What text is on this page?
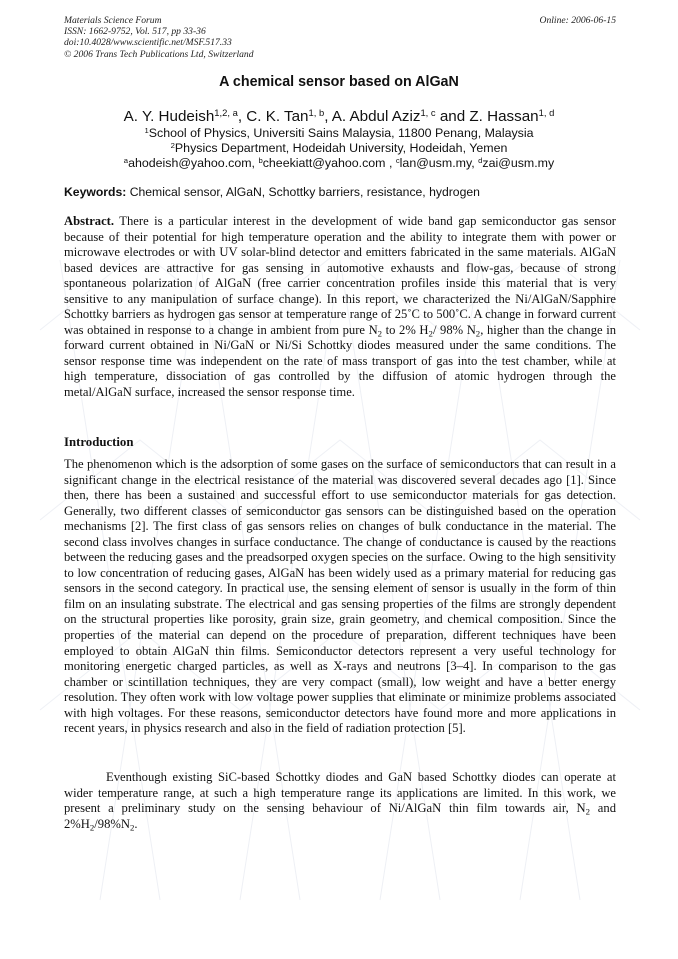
Materials Science Forum
ISSN: 1662-9752, Vol. 517, pp 33-36
doi:10.4028/www.scientific.net/MSF.517.33
© 2006 Trans Tech Publications Ltd, Switzerland
Online: 2006-06-15
A chemical sensor based on AlGaN
A. Y. Hudeish$^{1,2, a}$, C. K. Tan$^{1, b}$, A. Abdul Aziz$^{1, c}$ and Z. Hassan$^{1, d}$
$^1$School of Physics, Universiti Sains Malaysia, 11800 Penang, Malaysia
$^2$Physics Department, Hodeidah University, Hodeidah, Yemen
$^a$ahodeish@yahoo.com, $^b$cheekiatt@yahoo.com , $^c$lan@usm.my, $^d$zai@usm.my
Keywords: Chemical sensor, AlGaN, Schottky barriers, resistance, hydrogen
Abstract. There is a particular interest in the development of wide band gap semiconductor gas sensor because of their potential for high temperature operation and the ability to integrate them with power or microwave electrodes or with UV solar-blind detector and emitters fabricated in the same materials. AlGaN based devices are attractive for gas sensing in automotive exhausts and flow-gas, because of strong spontaneous polarization of AlGaN (free carrier concentration profiles inside this material that is very sensitive to any manipulation of surface change). In this report, we characterized the Ni/AlGaN/Sapphire Schottky barriers as hydrogen gas sensor at temperature range of 25˚C to 500˚C. A change in forward current was obtained in response to a change in ambient from pure $N_2$ to 2% $H_2/$ 98% $N_2$, higher than the change in forward current obtained in Ni/GaN or Ni/Si Schottky diodes measured under the same conditions. The sensor response time was independent on the rate of mass transport of gas into the test chamber, while at high temperature, dissociation of gas controlled by the diffusion of atomic hydrogen through the metal/AlGaN surface, increased the sensor response time.
Introduction
The phenomenon which is the adsorption of some gases on the surface of semiconductors that can result in a significant change in the electrical resistance of the material was discovered several decades ago [1]. Since then, there has been a sustained and successful effort to use semiconductor materials for gas detection. Generally, two different classes of semiconductor gas sensors can be distinguished based on the operation mechanisms [2]. The first class of gas sensors relies on changes of bulk conductance in the material. The second class involves changes in surface conductance. The change of conductance is caused by the reactions between the reducing gases and the preadsorped oxygen species on the surface. Owing to the high sensitivity to low concentration of reducing gases, AlGaN has been widely used as a primary material for reducing gas sensors in the second category. In practical use, the sensing element of sensor is usually in the form of thin film on an insulating substrate. The electrical and gas sensing properties of the films are strongly dependent on the structural properties like porosity, grain size, grain geometry, and chemical composition. Since the properties of the material can depend on the procedure of preparation, different techniques have been employed to obtain AlGaN thin films. Semiconductor detectors represent a very useful technology for monitoring energetic charged particles, as well as X-rays and neutrons [3–4]. In comparison to the gas chamber or scintillation techniques, they are very compact (small), low weight and have a better energy resolution. They often work with low voltage power supplies that eliminate or minimize problems associated with high voltages. For these reasons, semiconductor detectors have found more and more applications in recent years, in physics research and also in the field of radiation protection [5].
Eventhough existing SiC-based Schottky diodes and GaN based Schottky diodes can operate at wider temperature range, at such a high temperature range its applications are limited. In this work, we present a preliminary study on the sensing behaviour of Ni/AlGaN thin film towards air, $N_2$ and $2\%H_2/98\%N_2$.
